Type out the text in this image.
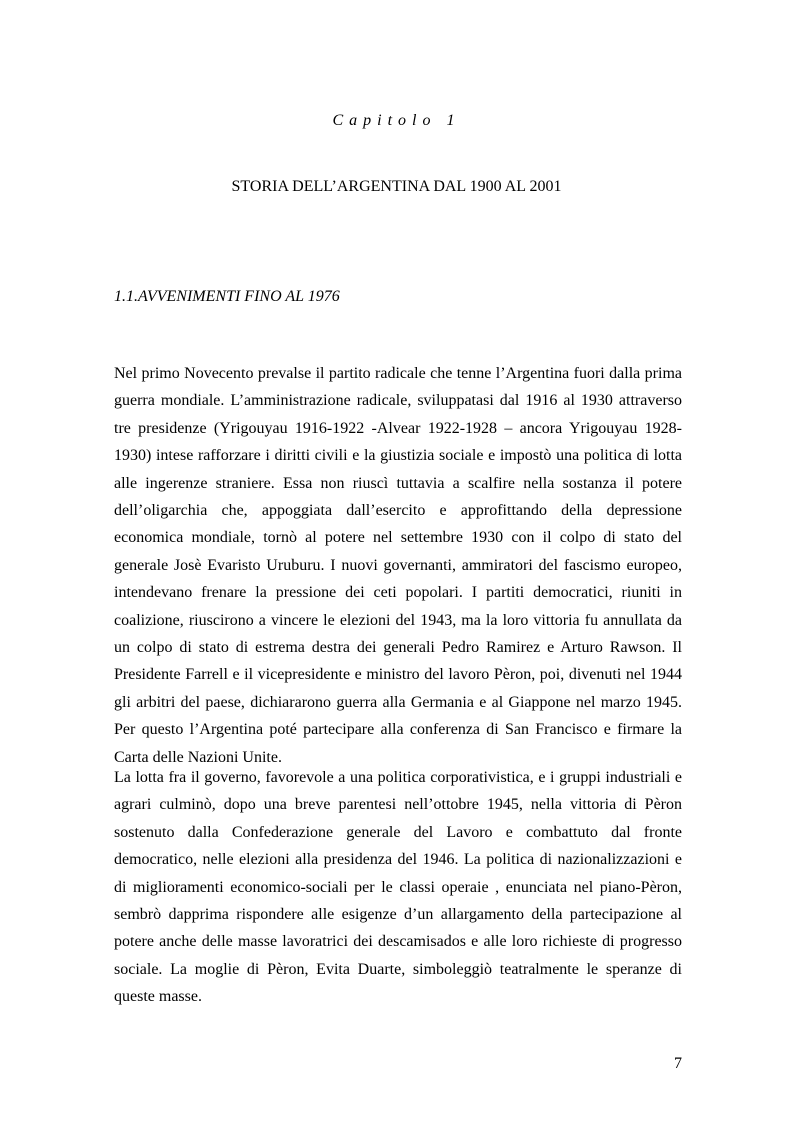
Capitolo 1
STORIA DELL’ARGENTINA DAL 1900 AL 2001
1.1.AVVENIMENTI FINO AL 1976

Nel primo Novecento prevalse il partito radicale che tenne l’Argentina fuori dalla prima guerra mondiale. L’amministrazione radicale, sviluppatasi dal 1916 al 1930 attraverso tre presidenze (Yrigouyau 1916-1922 -Alvear 1922-1928 – ancora Yrigouyau 1928-1930) intese rafforzare i diritti civili e la giustizia sociale e impostò una politica di lotta alle ingerenze straniere. Essa non riuscì tuttavia a scalfire nella sostanza il potere dell’oligarchia che, appoggiata dall’esercito e approfittando della depressione economica mondiale, tornò al potere nel settembre 1930 con il colpo di stato del generale Josè Evaristo Uruburu. I nuovi governanti, ammiratori del fascismo europeo, intendevano frenare la pressione dei ceti popolari. I partiti democratici, riuniti in coalizione, riuscirono a vincere le elezioni del 1943, ma la loro vittoria fu annullata da un colpo di stato di estrema destra dei generali Pedro Ramirez e Arturo Rawson. Il Presidente Farrell e il vicepresidente e ministro del lavoro Pèron, poi, divenuti nel 1944 gli arbitri del paese, dichiararono guerra alla Germania e al Giappone nel marzo 1945. Per questo l’Argentina poté partecipare alla conferenza di San Francisco e firmare la Carta delle Nazioni Unite.

La lotta fra il governo, favorevole a una politica corporativistica, e i gruppi industriali e agrari culminò, dopo una breve parentesi nell’ottobre 1945, nella vittoria di Pèron sostenuto dalla Confederazione generale del Lavoro e combattuto dal fronte democratico, nelle elezioni alla presidenza del 1946. La politica di nazionalizzazioni e di miglioramenti economico-sociali per le classi operaie , enunciata nel piano-Pèron, sembrò dapprima rispondere alle esigenze d’un allargamento della partecipazione al potere anche delle masse lavoratrici dei descamisados e alle loro richieste di progresso sociale. La moglie di Pèron, Evita Duarte, simboleggiò teatralmente le speranze di queste masse.

7
